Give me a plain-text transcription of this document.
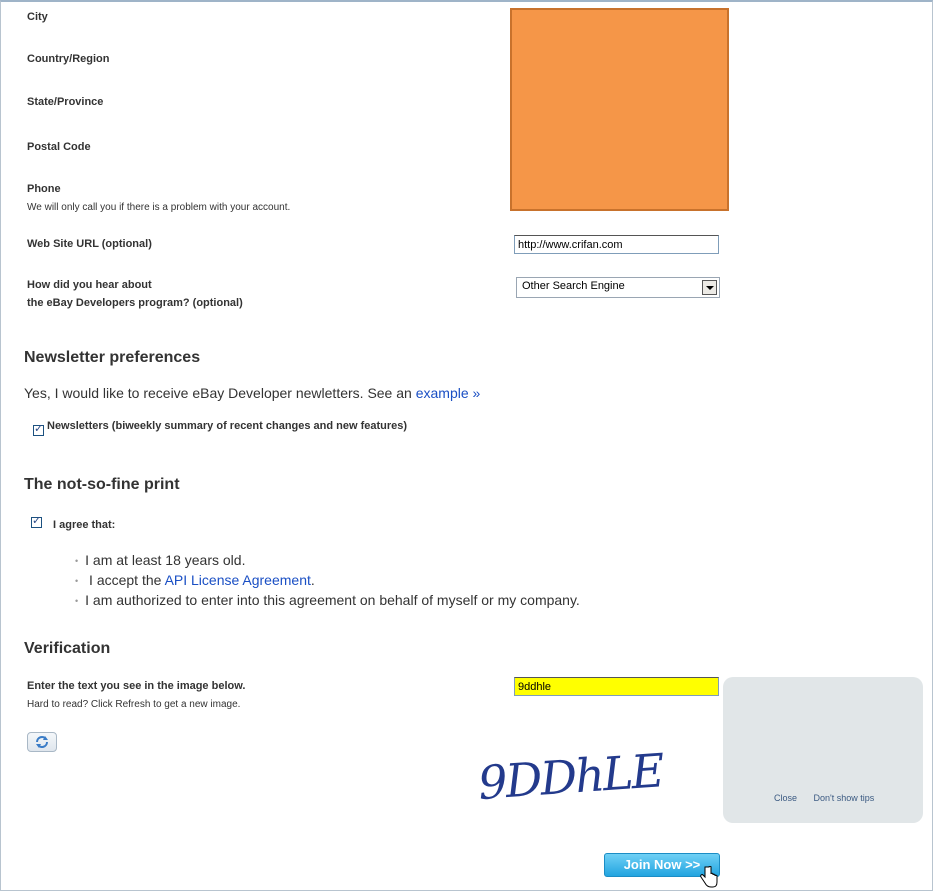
City
Country/Region
State/Province
Postal Code
Phone
We will only call you if there is a problem with your account.
Web Site URL (optional)
http://www.crifan.com
How did you hear about
the eBay Developers program? (optional)
Other Search Engine
Newsletter preferences
Yes, I would like to receive eBay Developer newletters. See an example »
✓
Newsletters (biweekly summary of recent changes and new features)
The not-so-fine print
✓
I agree that:
• I am at least 18 years old.
• I accept the API License Agreement.
• I am authorized to enter into this agreement on behalf of myself or my company.
Verification
Enter the text you see in the image below.
Hard to read? Click Refresh to get a new image.
9ddhle
9DDhLE	Close Don't show tips
Join Now >>
